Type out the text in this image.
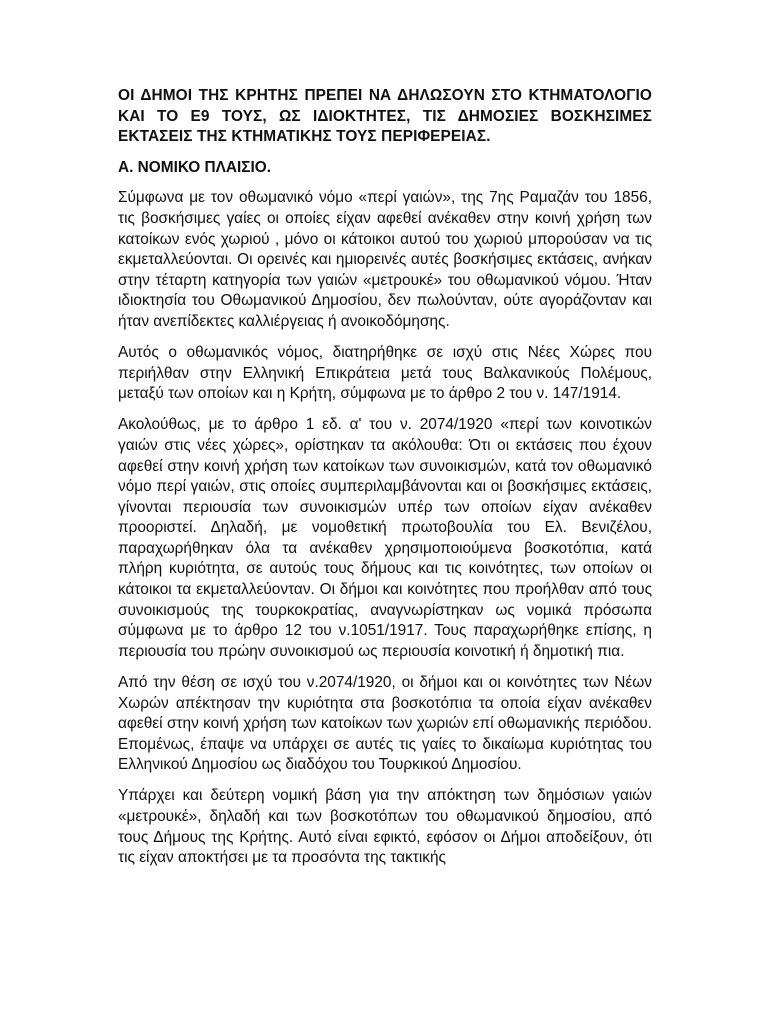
ΟΙ ΔΗΜΟΙ ΤΗΣ ΚΡΗΤΗΣ ΠΡΕΠΕΙ ΝΑ ΔΗΛΩΣΟΥΝ ΣΤΟ ΚΤΗΜΑΤΟΛΟΓΙΟ ΚΑΙ ΤΟ Ε9 ΤΟΥΣ, ΩΣ ΙΔΙΟΚΤΗΤΕΣ, ΤΙΣ ΔΗΜΟΣΙΕΣ ΒΟΣΚΗΣΙΜΕΣ ΕΚΤΑΣΕΙΣ ΤΗΣ ΚΤΗΜΑΤΙΚΗΣ ΤΟΥΣ ΠΕΡΙΦΕΡΕΙΑΣ.

Α. ΝΟΜΙΚΟ ΠΛΑΙΣΙΟ.

Σύμφωνα με τον οθωμανικό νόμο «περί γαιών», της 7ης Ραμαζάν του 1856, τις βοσκήσιμες γαίες οι οποίες είχαν αφεθεί ανέκαθεν στην κοινή χρήση των κατοίκων ενός χωριού , μόνο οι κάτοικοι αυτού του χωριού μπορούσαν να τις εκμεταλλεύονται. Οι ορεινές και ημιορεινές αυτές βοσκήσιμες εκτάσεις, ανήκαν στην τέταρτη κατηγορία των γαιών «μετρουκέ» του οθωμανικού νόμου. Ήταν ιδιοκτησία του Οθωμανικού Δημοσίου, δεν πωλούνταν, ούτε αγοράζονταν και ήταν ανεπίδεκτες καλλιέργειας ή ανοικοδόμησης.

Αυτός ο οθωμανικός νόμος, διατηρήθηκε σε ισχύ στις Νέες Χώρες που περιήλθαν στην Ελληνική Επικράτεια μετά τους Βαλκανικούς Πολέμους, μεταξύ των οποίων και η Κρήτη, σύμφωνα με το άρθρο 2 του ν. 147/1914.

Ακολούθως, με το άρθρο 1 εδ. α' του ν. 2074/1920 «περί των κοινοτικών γαιών στις νέες χώρες», ορίστηκαν τα ακόλουθα: Ότι οι εκτάσεις που έχουν αφεθεί στην κοινή χρήση των κατοίκων των συνοικισμών, κατά τον οθωμανικό νόμο περί γαιών, στις οποίες συμπεριλαμβάνονται και οι βοσκήσιμες εκτάσεις, γίνονται περιουσία των συνοικισμών υπέρ των οποίων είχαν ανέκαθεν προοριστεί. Δηλαδή, με νομοθετική πρωτοβουλία του Ελ. Βενιζέλου, παραχωρήθηκαν όλα τα ανέκαθεν χρησιμοποιούμενα βοσκοτόπια, κατά πλήρη κυριότητα, σε αυτούς τους δήμους και τις κοινότητες, των οποίων οι κάτοικοι τα εκμεταλλεύονταν. Οι δήμοι και κοινότητες που προήλθαν από τους συνοικισμούς της τουρκοκρατίας, αναγνωρίστηκαν ως νομικά πρόσωπα σύμφωνα με το άρθρο 12 του ν.1051/1917. Τους παραχωρήθηκε επίσης, η περιουσία του πρώην συνοικισμού ως περιουσία κοινοτική ή δημοτική πια.

Από την θέση σε ισχύ του ν.2074/1920, οι δήμοι και οι κοινότητες των Νέων Χωρών απέκτησαν την κυριότητα στα βοσκοτόπια τα οποία είχαν ανέκαθεν αφεθεί στην κοινή χρήση των κατοίκων των χωριών επί οθωμανικής περιόδου. Επομένως, έπαψε να υπάρχει σε αυτές τις γαίες το δικαίωμα κυριότητας του Ελληνικού Δημοσίου ως διαδόχου του Τουρκικού Δημοσίου.

Υπάρχει και δεύτερη νομική βάση για την απόκτηση των δημόσιων γαιών «μετρουκέ», δηλαδή και των βοσκοτόπων του οθωμανικού δημοσίου, από τους Δήμους της Κρήτης. Αυτό είναι εφικτό, εφόσον οι Δήμοι αποδείξουν, ότι τις είχαν αποκτήσει με τα προσόντα της τακτικής
